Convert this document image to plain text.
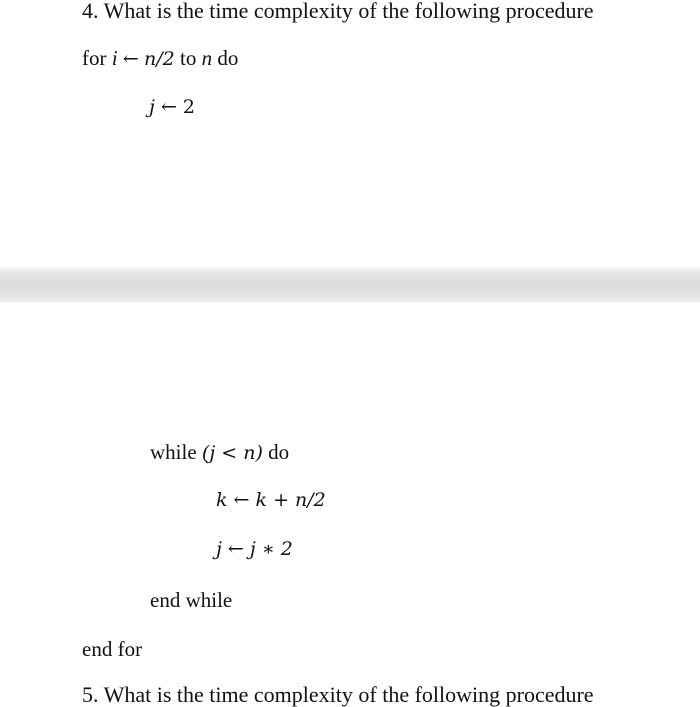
4. What is the time complexity of the following procedure
for i ← n/2 to n do
j ← 2
while (j < n) do
k ← k + n/2
j ← j ∗ 2
end while
end for
5. What is the time complexity of the following procedure
